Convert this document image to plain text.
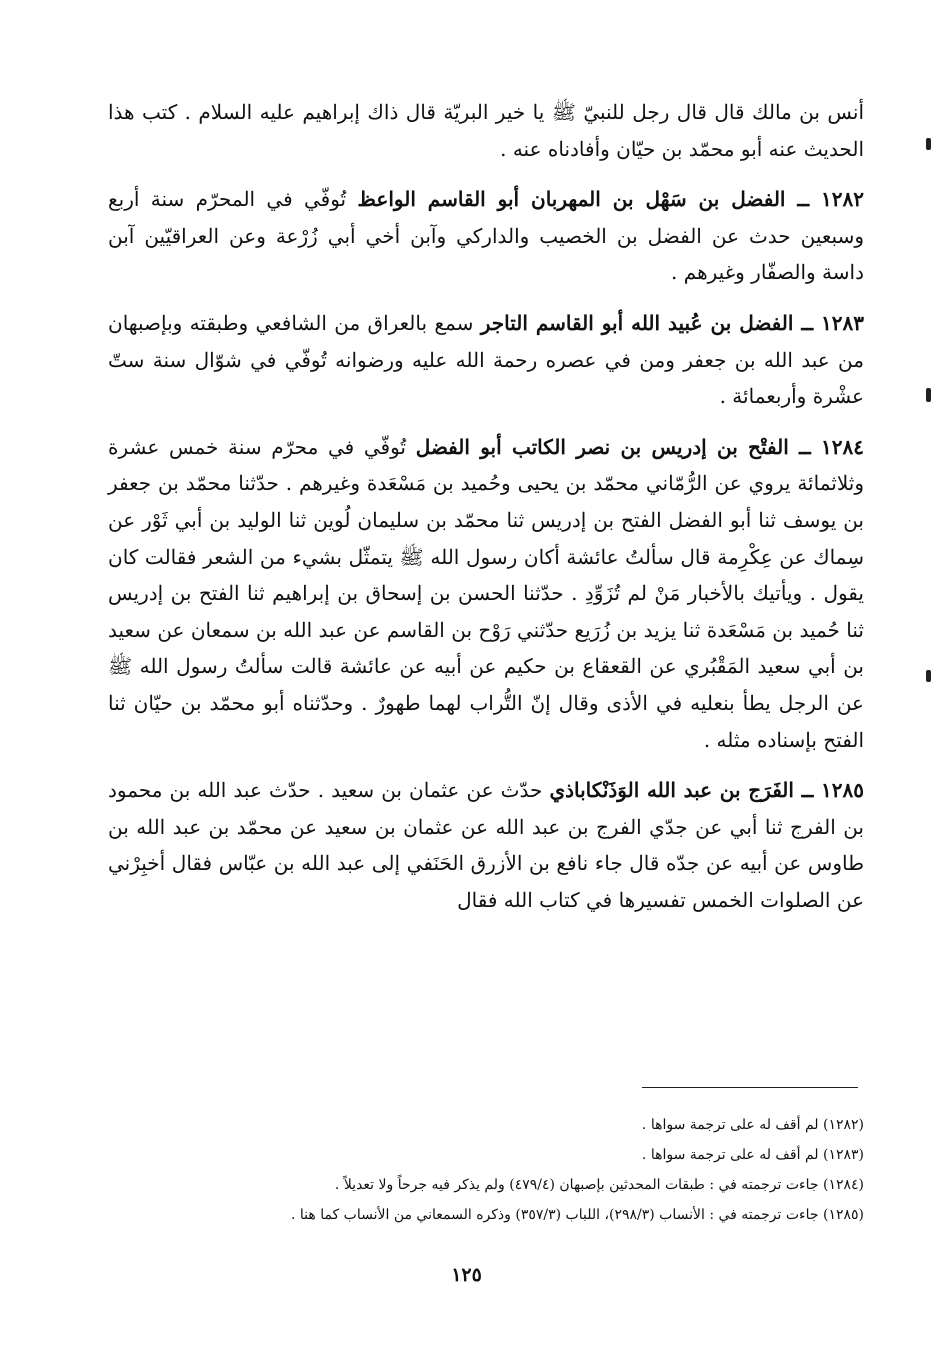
أنس بن مالك قال قال رجل للنبيّ ﷺ يا خير البريّة قال ذاك إبراهيم عليه السلام . كتب هذا الحديث عنه أبو محمّد بن حيّان وأفادناه عنه .

١٢٨٢ ــ الفضل بن سَهْل بن المهربان أبو القاسم الواعظ تُوفّي في المحرّم سنة أربع وسبعين حدث عن الفضل بن الخصيب والداركي وآبن أخي أبي زُرْعة وعن العراقيّين آبن داسة والصفّار وغيرهم .

١٢٨٣ ــ الفضل بن عُبيد الله أبو القاسم التاجر سمع بالعراق من الشافعي وطبقته وبإصبهان من عبد الله بن جعفر ومن في عصره رحمة الله عليه ورضوانه تُوفّي في شوّال سنة ستّ عشْرة وأربعمائة .

١٢٨٤ ــ الفتْح بن إدريس بن نصر الكاتب أبو الفضل تُوفّي في محرّم سنة خمس عشرة وثلاثمائة يروي عن الرُّمّاني محمّد بن يحيى وحُميد بن مَسْعَدة وغيرهم . حدّثنا محمّد بن جعفر بن يوسف ثنا أبو الفضل الفتح بن إدريس ثنا محمّد بن سليمان لُوين ثنا الوليد بن أبي ثَوْر عن سِماك عن عِكْرِمة قال سألتُ عائشة أكان رسول الله ﷺ يتمثّل بشيء من الشعر فقالت كان يقول . ويأتيك بالأخبار مَنْ لم تُزَوِّدِ . حدّثنا الحسن بن إسحاق بن إبراهيم ثنا الفتح بن إدريس ثنا حُميد بن مَسْعَدة ثنا يزيد بن زُرَيع حدّثني رَوْح بن القاسم عن عبد الله بن سمعان عن سعيد بن أبي سعيد المَقْبُري عن القعقاع بن حكيم عن أبيه عن عائشة قالت سألتُ رسول الله ﷺ عن الرجل يطأ بنعليه في الأذى وقال إنّ التُّراب لهما طهورٌ . وحدّثناه أبو محمّد بن حيّان ثنا الفتح بإسناده مثله .

١٢٨٥ ــ الفَرَج بن عبد الله الوَذَنْكاباذي حدّث عن عثمان بن سعيد . حدّث عبد الله بن محمود بن الفرج ثنا أبي عن جدّي الفرج بن عبد الله عن عثمان بن سعيد عن محمّد بن عبد الله بن طاوس عن أبيه عن جدّه قال جاء نافع بن الأزرق الحَنَفي إلى عبد الله بن عبّاس فقال أخبِرْني عن الصلوات الخمس تفسيرها في كتاب الله فقال

(١٢٨٢) لم أقف له على ترجمة سواها .

(١٢٨٣) لم أقف له على ترجمة سواها .

(١٢٨٤) جاءت ترجمته في : طبقات المحدثين بإصبهان (٤٧٩/٤) ولم يذكر فيه جرحاً ولا تعديلاً .

(١٢٨٥) جاءت ترجمته في : الأنساب (٢٩٨/٣)، اللباب (٣٥٧/٣) وذكره السمعاني من الأنساب كما هنا .

١٢٥
